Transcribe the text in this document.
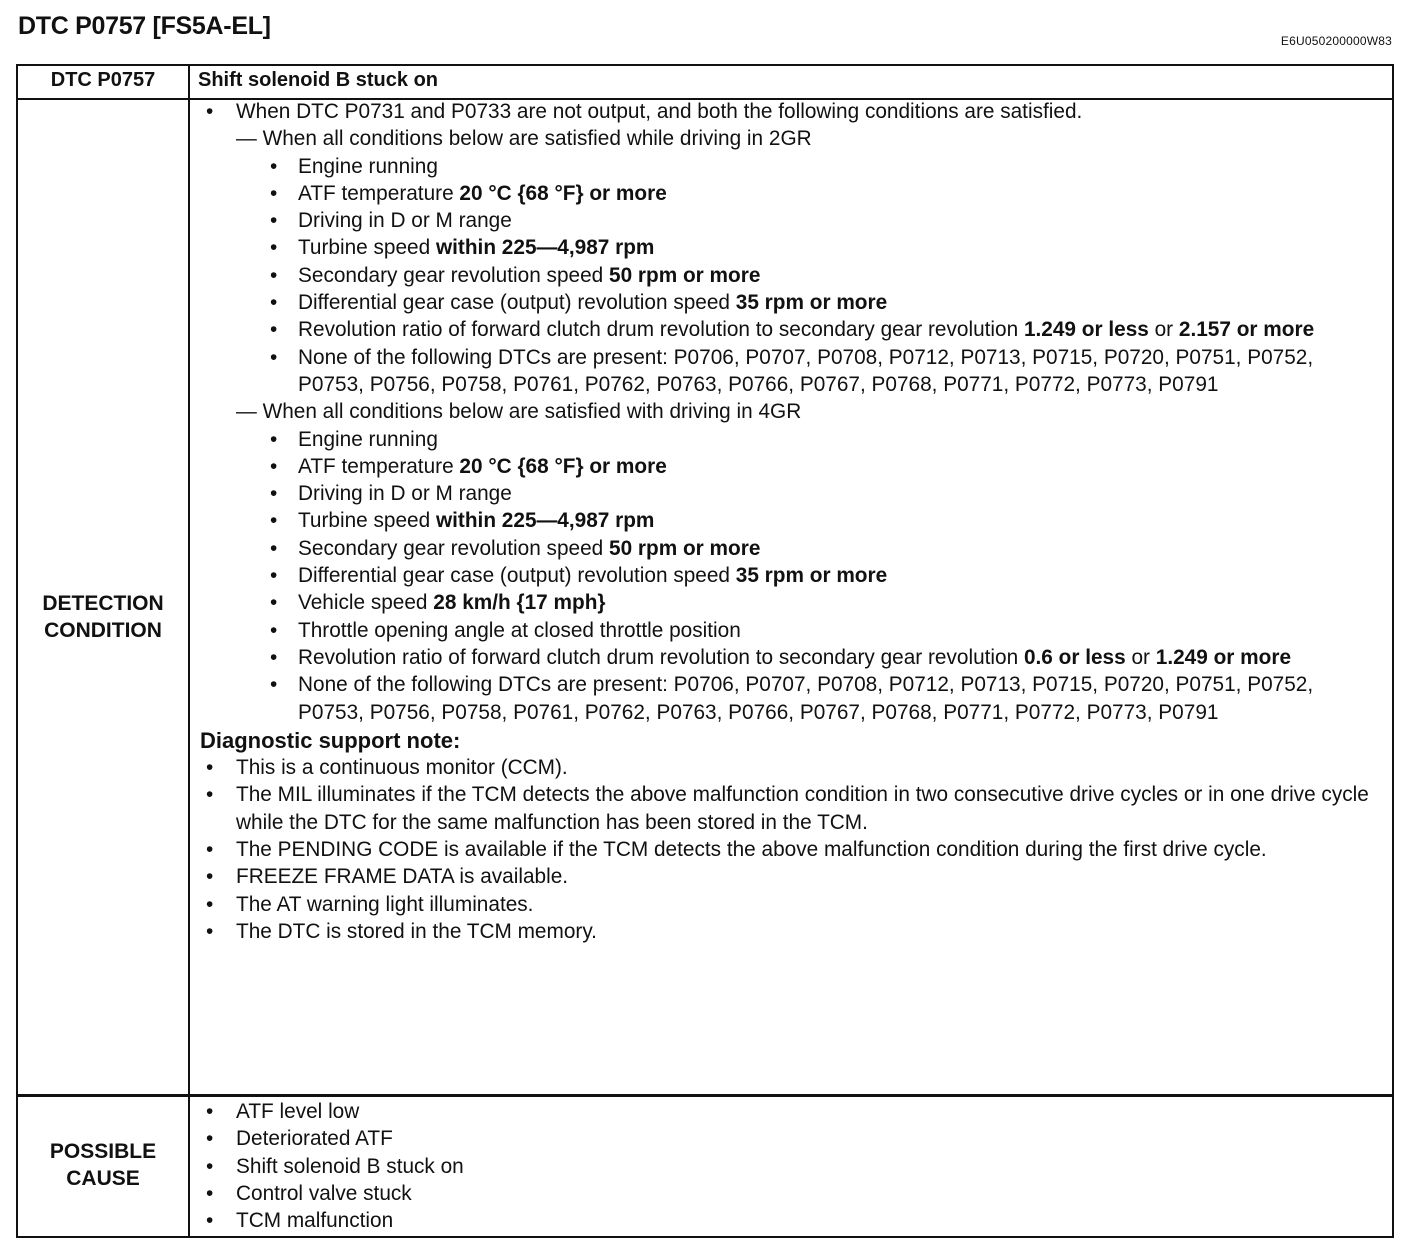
DTC P0757 [FS5A-EL]
E6U050200000W83
DTC P0757	Shift solenoid B stuck on
DETECTION
CONDITION
• When DTC P0731 and P0733 are not output, and both the following conditions are satisfied.
— When all conditions below are satisfied while driving in 2GR
• Engine running
• ATF temperature 20 °C {68 °F} or more
• Driving in D or M range
• Turbine speed within 225—4,987 rpm
• Secondary gear revolution speed 50 rpm or more
• Differential gear case (output) revolution speed 35 rpm or more
• Revolution ratio of forward clutch drum revolution to secondary gear revolution 1.249 or less or 2.157 or more
• None of the following DTCs are present: P0706, P0707, P0708, P0712, P0713, P0715, P0720, P0751, P0752, P0753, P0756, P0758, P0761, P0762, P0763, P0766, P0767, P0768, P0771, P0772, P0773, P0791
— When all conditions below are satisfied with driving in 4GR
• Engine running
• ATF temperature 20 °C {68 °F} or more
• Driving in D or M range
• Turbine speed within 225—4,987 rpm
• Secondary gear revolution speed 50 rpm or more
• Differential gear case (output) revolution speed 35 rpm or more
• Vehicle speed 28 km/h {17 mph}
• Throttle opening angle at closed throttle position
• Revolution ratio of forward clutch drum revolution to secondary gear revolution 0.6 or less or 1.249 or more
• None of the following DTCs are present: P0706, P0707, P0708, P0712, P0713, P0715, P0720, P0751, P0752, P0753, P0756, P0758, P0761, P0762, P0763, P0766, P0767, P0768, P0771, P0772, P0773, P0791
Diagnostic support note:
• This is a continuous monitor (CCM).
• The MIL illuminates if the TCM detects the above malfunction condition in two consecutive drive cycles or in one drive cycle while the DTC for the same malfunction has been stored in the TCM.
• The PENDING CODE is available if the TCM detects the above malfunction condition during the first drive cycle.
• FREEZE FRAME DATA is available.
• The AT warning light illuminates.
• The DTC is stored in the TCM memory.
POSSIBLE
CAUSE
• ATF level low
• Deteriorated ATF
• Shift solenoid B stuck on
• Control valve stuck
• TCM malfunction
